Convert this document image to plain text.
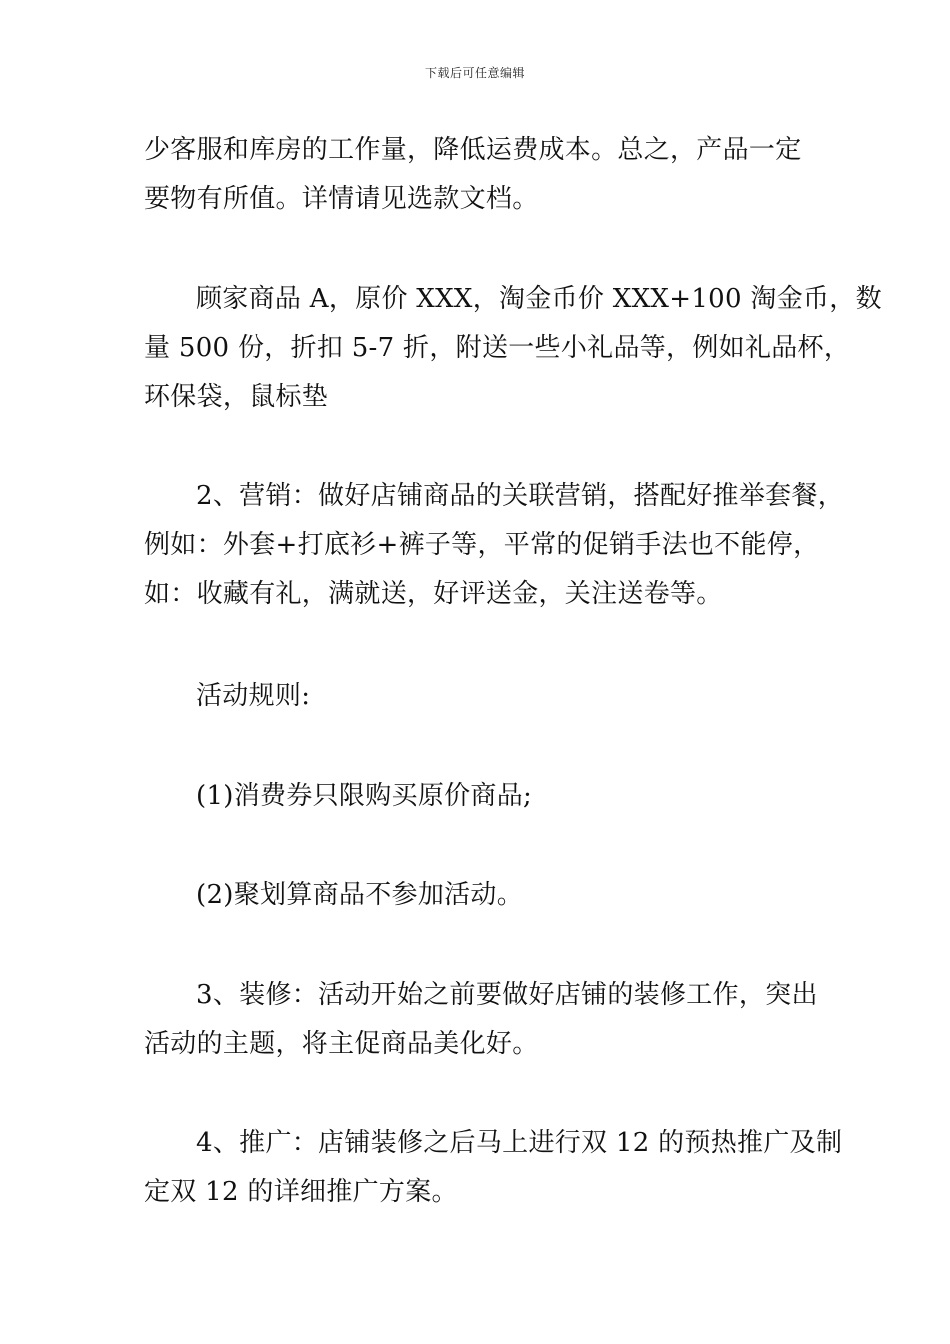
下载后可任意编辑
少客服和库房的工作量，降低运费成本。总之，产品一定
要物有所值。详情请见选款文档。
顾家商品 A，原价 XXX，淘金币价 XXX+100 淘金币，数
量 500 份，折扣 5-7 折，附送一些小礼品等，例如礼品杯，
环保袋，鼠标垫
2、营销：做好店铺商品的关联营销，搭配好推举套餐，
例如：外套+打底衫+裤子等，平常的促销手法也不能停，
如：收藏有礼，满就送，好评送金，关注送卷等。
活动规则:
(1)消费券只限购买原价商品;
(2)聚划算商品不参加活动。
3、装修：活动开始之前要做好店铺的装修工作，突出
活动的主题，将主促商品美化好。
4、推广：店铺装修之后马上进行双 12 的预热推广及制
定双 12 的详细推广方案。
